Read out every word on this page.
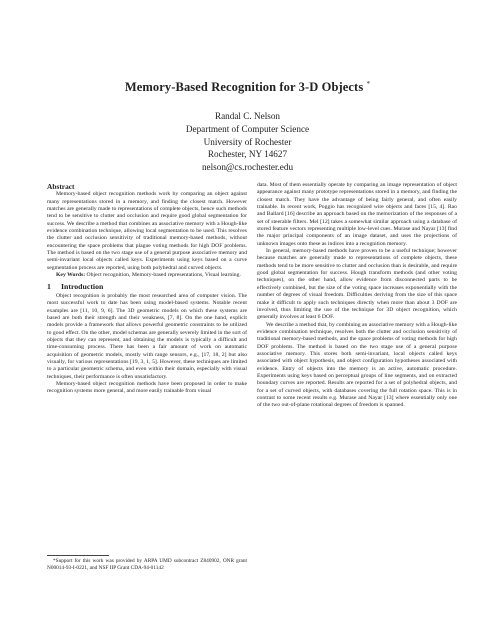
Memory-Based Recognition for 3-D Objects *
Randal C. Nelson
Department of Computer Science
University of Rochester
Rochester, NY 14627
nelson@cs.rochester.edu
Abstract

Memory-based object recognition methods work by comparing an object against many representations stored in a memory, and finding the closest match. However matches are generally made to representations of complete objects, hence such methods tend to be sensitive to clutter and occlusion and require good global segmentation for success. We describe a method that combines an associative memory with a Hough-like evidence combination technique, allowing local segmentation to be used. This resolves the clutter and occlusion sensitivity of traditional memory-based methods, without encountering the space problems that plague voting methods for high DOF problems. The method is based on the two stage use of a general purpose associative memory and semi-invariant local objects called keys. Experiments using keys based on a curve segmentation process are reported, using both polyhedral and curved objects.

Key Words: Object recognition, Memory-based representations, Visual learning.

1 Introduction

Object recognition is probably the most researched area of computer vision. The most successful work to date has been using model-based systems. Notable recent examples are [11, 10, 9, 6]. The 3D geometric models on which these systems are based are both their strength and their weakness, [7, 8]. On the one hand, explicit models provide a framework that allows powerful geometric constraints to be utilized to good effect. On the other, model schemas are generally severely limited in the sort of objects that they can represent, and obtaining the models is typically a difficult and time-consuming process. There has been a fair amount of work on automatic acquisition of geometric models, mostly with range sensors, e.g., [17, 18, 2] but also visually, for various representations [19, 3, 1, 5]. However, these techniques are limited to a particular geometric schema, and even within their domain, especially with visual techniques, their performance is often unsatisfactory.

Memory-based object recognition methods have been proposed in order to make recognition systems more general, and more easily trainable from visual

*Support for this work was provided by ARPA UMD subcontract Z840902, ONR grant N00014-93-I-0221, and NSF IIP Grant CDA-94-01142

data. Most of them essentially operate by comparing an image representation of object appearance against many prototype representations stored in a memory, and finding the closest match. They have the advantage of being fairly general, and often easily trainable. In recent work, Poggio has recognized wire objects and faces [15, 4]. Rao and Ballard [16] describe an approach based on the memorization of the responses of a set of steerable filters. Mel [12] takes a somewhat similar approach using a database of stored feature vectors representing multiple low-level cues. Murase and Nayar [13] find the major principal components of an image dataset, and uses the projections of unknown images onto these as indices into a recognition memory.

In general, memory-based methods have proven to be a useful technique; however because matches are generally made to representations of complete objects, these methods tend to be more sensitive to clutter and occlusion than is desirable, and require good global segmentation for success. Hough transform methods (and other voting techniques), on the other hand, allow evidence from disconnected parts to be effectively combined, but the size of the voting space increases exponentially with the number of degrees of visual freedom. Difficulties deriving from the size of this space make it difficult to apply such techniques directly when more than about 3 DOF are involved, thus limiting the use of the technique for 3D object recognition, which generally involves at least 6 DOF.

We describe a method that, by combining an associative memory with a Hough-like evidence combination technique, resolves both the clutter and occlusion sensitivity of traditional memory-based methods, and the space problems of voting methods for high DOF problems. The method is based on the two stage use of a general purpose associative memory. This stores both semi-invariant, local objects called keys associated with object hypothesis, and object configuration hypotheses associated with evidence. Entry of objects into the memory is an active, automatic procedure. Experiments using keys based on perceptual groups of line segments, and on extracted boundary curves are reported. Results are reported for a set of polyhedral objects, and for a set of curved objects, with databases covering the full rotation space. This is in contrast to some recent results e.g. Murase and Nayar [13] where essentially only one of the two out-of-plane rotational degrees of freedom is spanned.
